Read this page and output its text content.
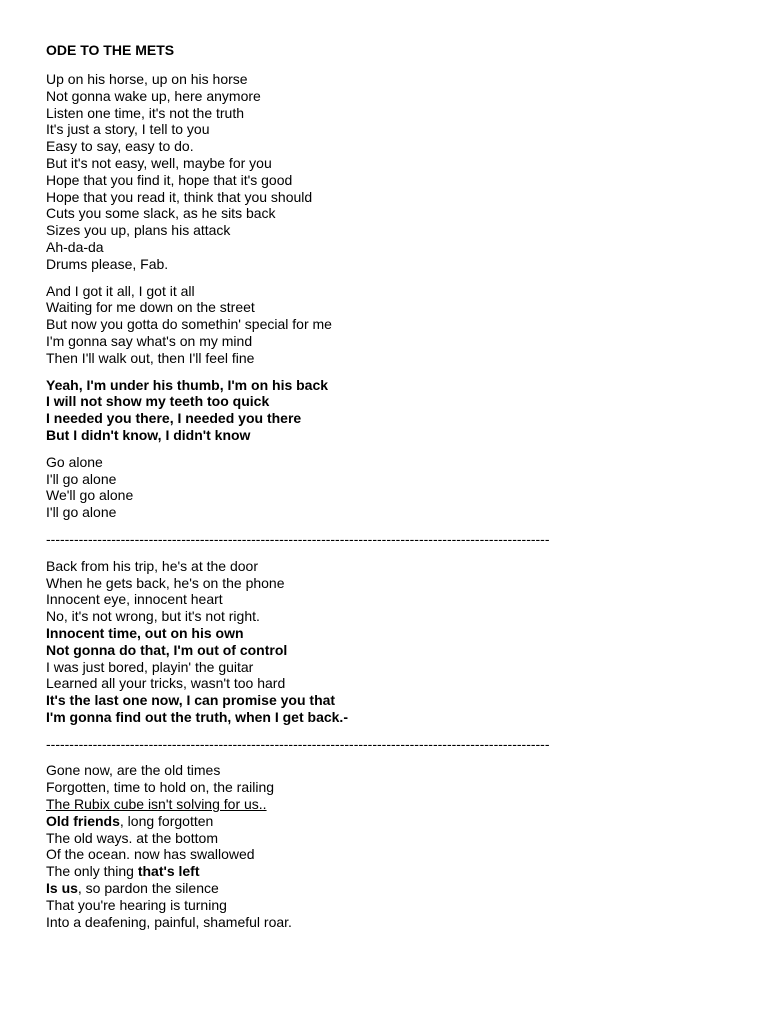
ODE TO THE METS
Up on his horse, up on his horse
Not gonna wake up, here anymore
Listen one time, it's not the truth
It's just a story, I tell to you
Easy to say, easy to do.
But it's not easy, well, maybe for you
Hope that you find it, hope that it's good
Hope that you read it, think that you should
Cuts you some slack, as he sits back
Sizes you up, plans his attack
Ah-da-da
Drums please, Fab.
And I got it all, I got it all
Waiting for me down on the street
But now you gotta do somethin' special for me
I'm gonna say what's on my mind
Then I'll walk out, then I'll feel fine
Yeah, I'm under his thumb, I'm on his back
I will not show my teeth too quick
I needed you there, I needed you there
But I didn't know, I didn't know
Go alone
I'll go alone
We'll go alone
I'll go alone
------------------------------------------------------------------------------------------------------------
Back from his trip, he's at the door
When he gets back, he's on the phone
Innocent eye, innocent heart
No, it's not wrong, but it's not right.
Innocent time, out on his own
Not gonna do that, I'm out of control
I was just bored, playin' the guitar
Learned all your tricks, wasn't too hard
It's the last one now, I can promise you that
I'm gonna find out the truth, when I get back.-
------------------------------------------------------------------------------------------------------------
Gone now, are the old times
Forgotten, time to hold on, the railing
The Rubix cube isn't solving for us..
Old friends, long forgotten
The old ways. at the bottom
Of the ocean. now has swallowed
The only thing that's left
Is us, so pardon the silence
That you're hearing is turning
Into a deafening, painful, shameful roar.
